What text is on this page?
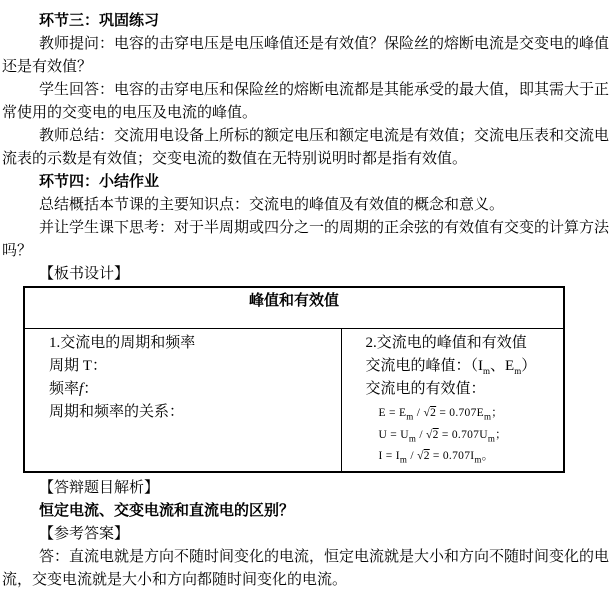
环节三：巩固练习

教师提问：电容的击穿电压是电压峰值还是有效值？保险丝的熔断电流是交变电的峰值还是有效值？

学生回答：电容的击穿电压和保险丝的熔断电流都是其能承受的最大值，即其需大于正常使用的交变电的电压及电流的峰值。

教师总结：交流用电设备上所标的额定电压和额定电流是有效值；交流电压表和交流电流表的示数是有效值；交变电流的数值在无特别说明时都是指有效值。

环节四：小结作业

总结概括本节课的主要知识点：交流电的峰值及有效值的概念和意义。

并让学生课下思考：对于半周期或四分之一的周期的正余弦的有效值有交变的计算方法吗？

【板书设计】

峰值和有效值

1.交流电的周期和频率
周期 T：
频率f：
周期和频率的关系：

2.交流电的峰值和有效值
交流电的峰值：（$I_m$、$E_m$）
交流电的有效值：
$E = E_m / √2 = 0.707E_m$；
$U = U_m / √2 = 0.707U_m$；
$I = I_m / √2 = 0.707I_m$。

【答辩题目解析】

恒定电流、交变电流和直流电的区别？

【参考答案】

答：直流电就是方向不随时间变化的电流，恒定电流就是大小和方向不随时间变化的电流，交变电流就是大小和方向都随时间变化的电流。
